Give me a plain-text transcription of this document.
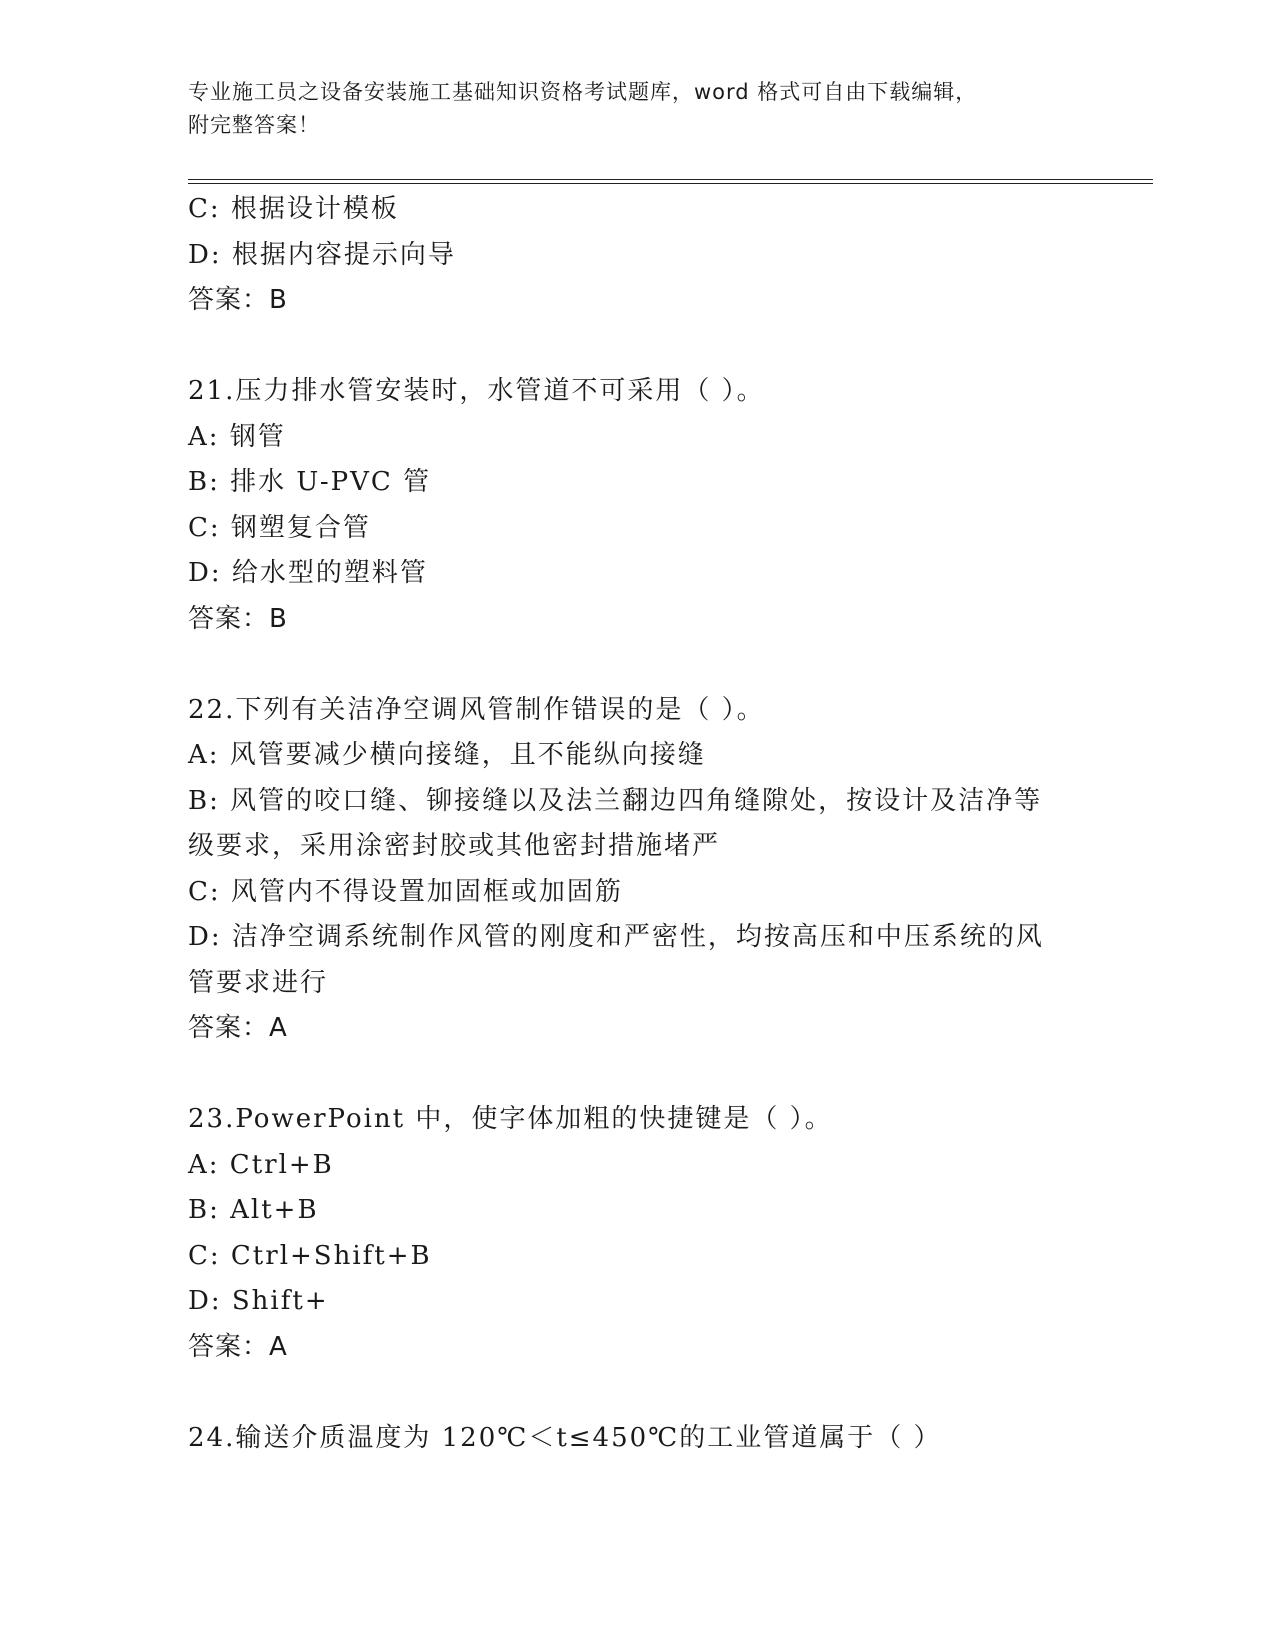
专业施工员之设备安装施工基础知识资格考试题库，word 格式可自由下载编辑，
附完整答案！
C: 根据设计模板
D: 根据内容提示向导
答案：B
21.压力排水管安装时，水管道不可采用（ ）。
A: 钢管
B: 排水 U-PVC 管
C: 钢塑复合管
D: 给水型的塑料管
答案：B
22.下列有关洁净空调风管制作错误的是（ ）。
A: 风管要减少横向接缝，且不能纵向接缝
B: 风管的咬口缝、铆接缝以及法兰翻边四角缝隙处，按设计及洁净等
级要求，采用涂密封胶或其他密封措施堵严
C: 风管内不得设置加固框或加固筋
D: 洁净空调系统制作风管的刚度和严密性，均按高压和中压系统的风
管要求进行
答案：A
23.PowerPoint 中，使字体加粗的快捷键是（ ）。
A: Ctrl+B
B: Alt+B
C: Ctrl+Shift+B
D: Shift+
答案：A
24.输送介质温度为 120℃＜t≤450℃的工业管道属于（ ）
